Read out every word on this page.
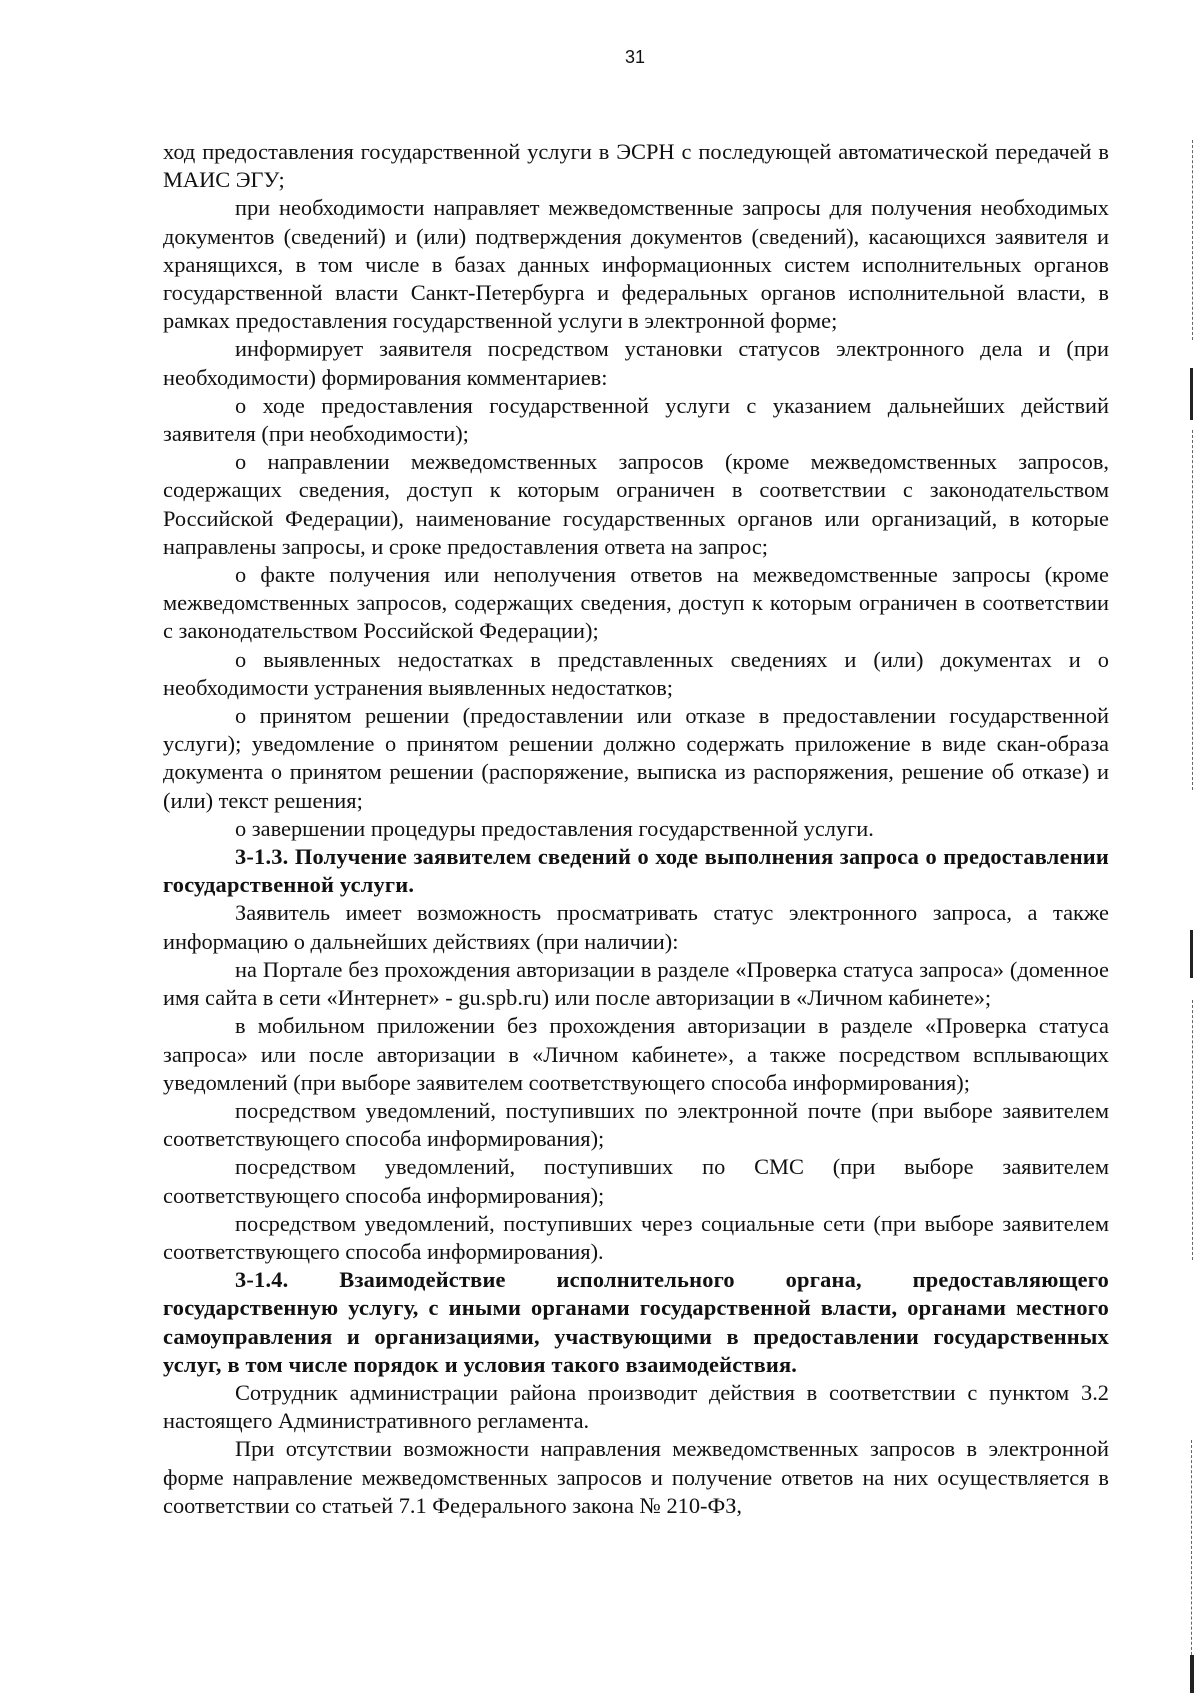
31

ход предоставления государственной услуги в ЭСРН с последующей автоматической передачей в МАИС ЭГУ;

при необходимости направляет межведомственные запросы для получения необходимых документов (сведений) и (или) подтверждения документов (сведений), касающихся заявителя и хранящихся, в том числе в базах данных информационных систем исполнительных органов государственной власти Санкт-Петербурга и федеральных органов исполнительной власти, в рамках предоставления государственной услуги в электронной форме;

информирует заявителя посредством установки статусов электронного дела и (при необходимости) формирования комментариев:

о ходе предоставления государственной услуги с указанием дальнейших действий заявителя (при необходимости);

о направлении межведомственных запросов (кроме межведомственных запросов, содержащих сведения, доступ к которым ограничен в соответствии с законодательством Российской Федерации), наименование государственных органов или организаций, в которые направлены запросы, и сроке предоставления ответа на запрос;

о факте получения или неполучения ответов на межведомственные запросы (кроме межведомственных запросов, содержащих сведения, доступ к которым ограничен в соответствии с законодательством Российской Федерации);

о выявленных недостатках в представленных сведениях и (или) документах и о необходимости устранения выявленных недостатков;

о принятом решении (предоставлении или отказе в предоставлении государственной услуги); уведомление о принятом решении должно содержать приложение в виде скан-образа документа о принятом решении (распоряжение, выписка из распоряжения, решение об отказе) и (или) текст решения;

о завершении процедуры предоставления государственной услуги.

3-1.3. Получение заявителем сведений о ходе выполнения запроса о предоставлении государственной услуги.

Заявитель имеет возможность просматривать статус электронного запроса, а также информацию о дальнейших действиях (при наличии):

на Портале без прохождения авторизации в разделе «Проверка статуса запроса» (доменное имя сайта в сети «Интернет» - gu.spb.ru) или после авторизации в «Личном кабинете»;

в мобильном приложении без прохождения авторизации в разделе «Проверка статуса запроса» или после авторизации в «Личном кабинете», а также посредством всплывающих уведомлений (при выборе заявителем соответствующего способа информирования);

посредством уведомлений, поступивших по электронной почте (при выборе заявителем соответствующего способа информирования);

посредством уведомлений, поступивших по СМС (при выборе заявителем соответствующего способа информирования);

посредством уведомлений, поступивших через социальные сети (при выборе заявителем соответствующего способа информирования).

3-1.4. Взаимодействие исполнительного органа, предоставляющего государственную услугу, с иными органами государственной власти, органами местного самоуправления и организациями, участвующими в предоставлении государственных услуг, в том числе порядок и условия такого взаимодействия.

Сотрудник администрации района производит действия в соответствии с пунктом 3.2 настоящего Административного регламента.

При отсутствии возможности направления межведомственных запросов в электронной форме направление межведомственных запросов и получение ответов на них осуществляется в соответствии со статьей 7.1 Федерального закона № 210-ФЗ,
